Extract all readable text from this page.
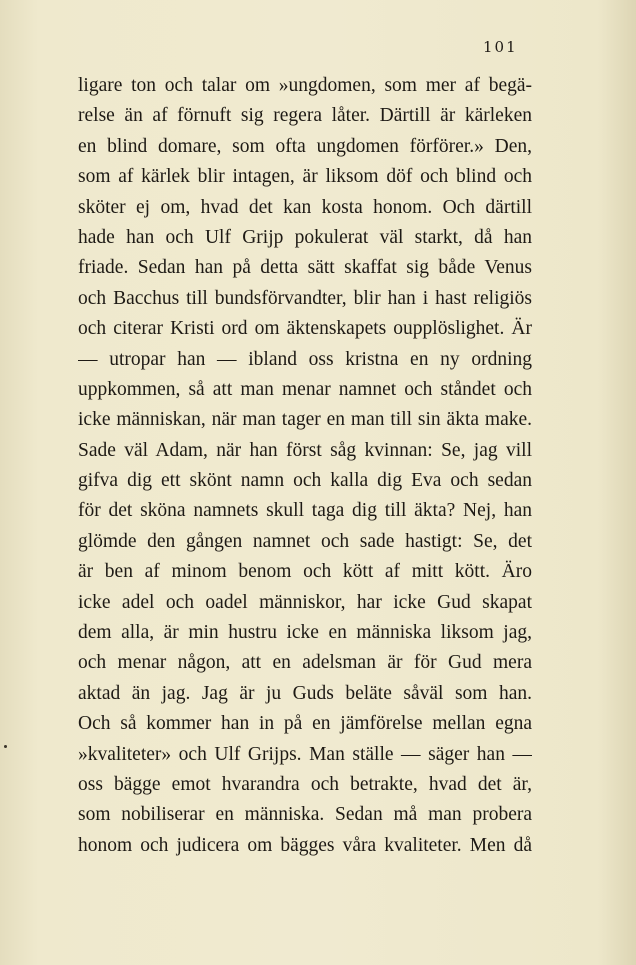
101
ligare ton och talar om »ungdomen, som mer af begä-
relse än af förnuft sig regera låter. Därtill är kärleken
en blind domare, som ofta ungdomen förförer.» Den,
som af kärlek blir intagen, är liksom döf och blind och
sköter ej om, hvad det kan kosta honom. Och därtill
hade han och Ulf Grijp pokulerat väl starkt, då han
friade. Sedan han på detta sätt skaffat sig både Venus
och Bacchus till bundsförvandter, blir han i hast religiös
och citerar Kristi ord om äktenskapets oupplöslighet. Är
— utropar han — ibland oss kristna en ny ordning
uppkommen, så att man menar namnet och ståndet och
icke människan, när man tager en man till sin äkta make.
Sade väl Adam, när han först såg kvinnan: Se, jag vill
gifva dig ett skönt namn och kalla dig Eva och sedan
för det sköna namnets skull taga dig till äkta? Nej, han
glömde den gången namnet och sade hastigt: Se, det
är ben af minom benom och kött af mitt kött. Äro
icke adel och oadel människor, har icke Gud skapat
dem alla, är min hustru icke en människa liksom jag,
och menar någon, att en adelsman är för Gud mera
aktad än jag. Jag är ju Guds beläte såväl som han.
Och så kommer han in på en jämförelse mellan egna
»kvaliteter» och Ulf Grijps. Man ställe — säger han —
oss bägge emot hvarandra och betrakte, hvad det är,
som nobiliserar en människa. Sedan må man probera
honom och judicera om bägges våra kvaliteter. Men då
